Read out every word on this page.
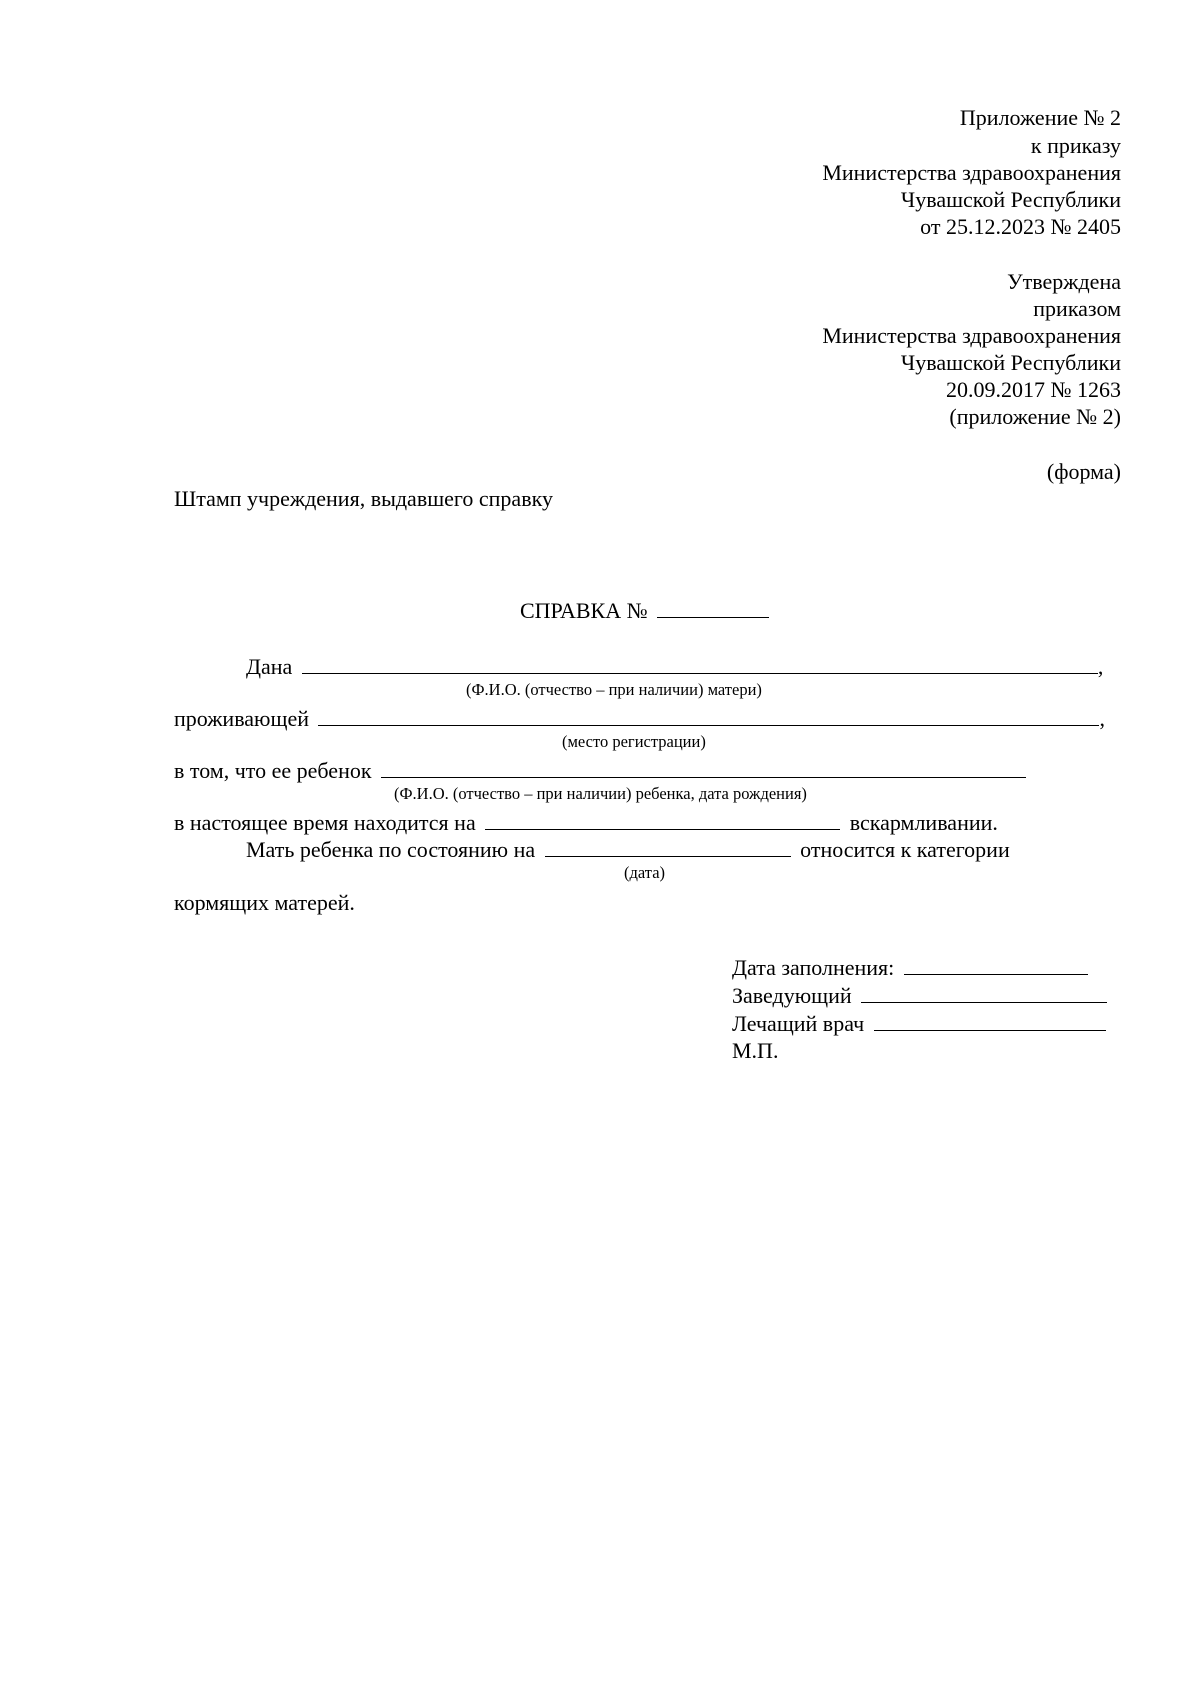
Приложение № 2
к приказу
Министерства здравоохранения
Чувашской Республики
от 25.12.2023 № 2405
Утверждена
приказом
Министерства здравоохранения
Чувашской Республики
20.09.2017 № 1263
(приложение № 2)
(форма)
Штамп учреждения, выдавшего справку
СПРАВКА №
Дана	,
(Ф.И.О. (отчество – при наличии) матери)
проживающей	,
(место регистрации)
в том, что ее ребенок
(Ф.И.О. (отчество – при наличии) ребенка, дата рождения)
в настоящее время находится на	вскармливании.
Мать ребенка по состоянию на	относится к категории
(дата)
кормящих матерей.
Дата заполнения:
Заведующий
Лечащий врач
М.П.
